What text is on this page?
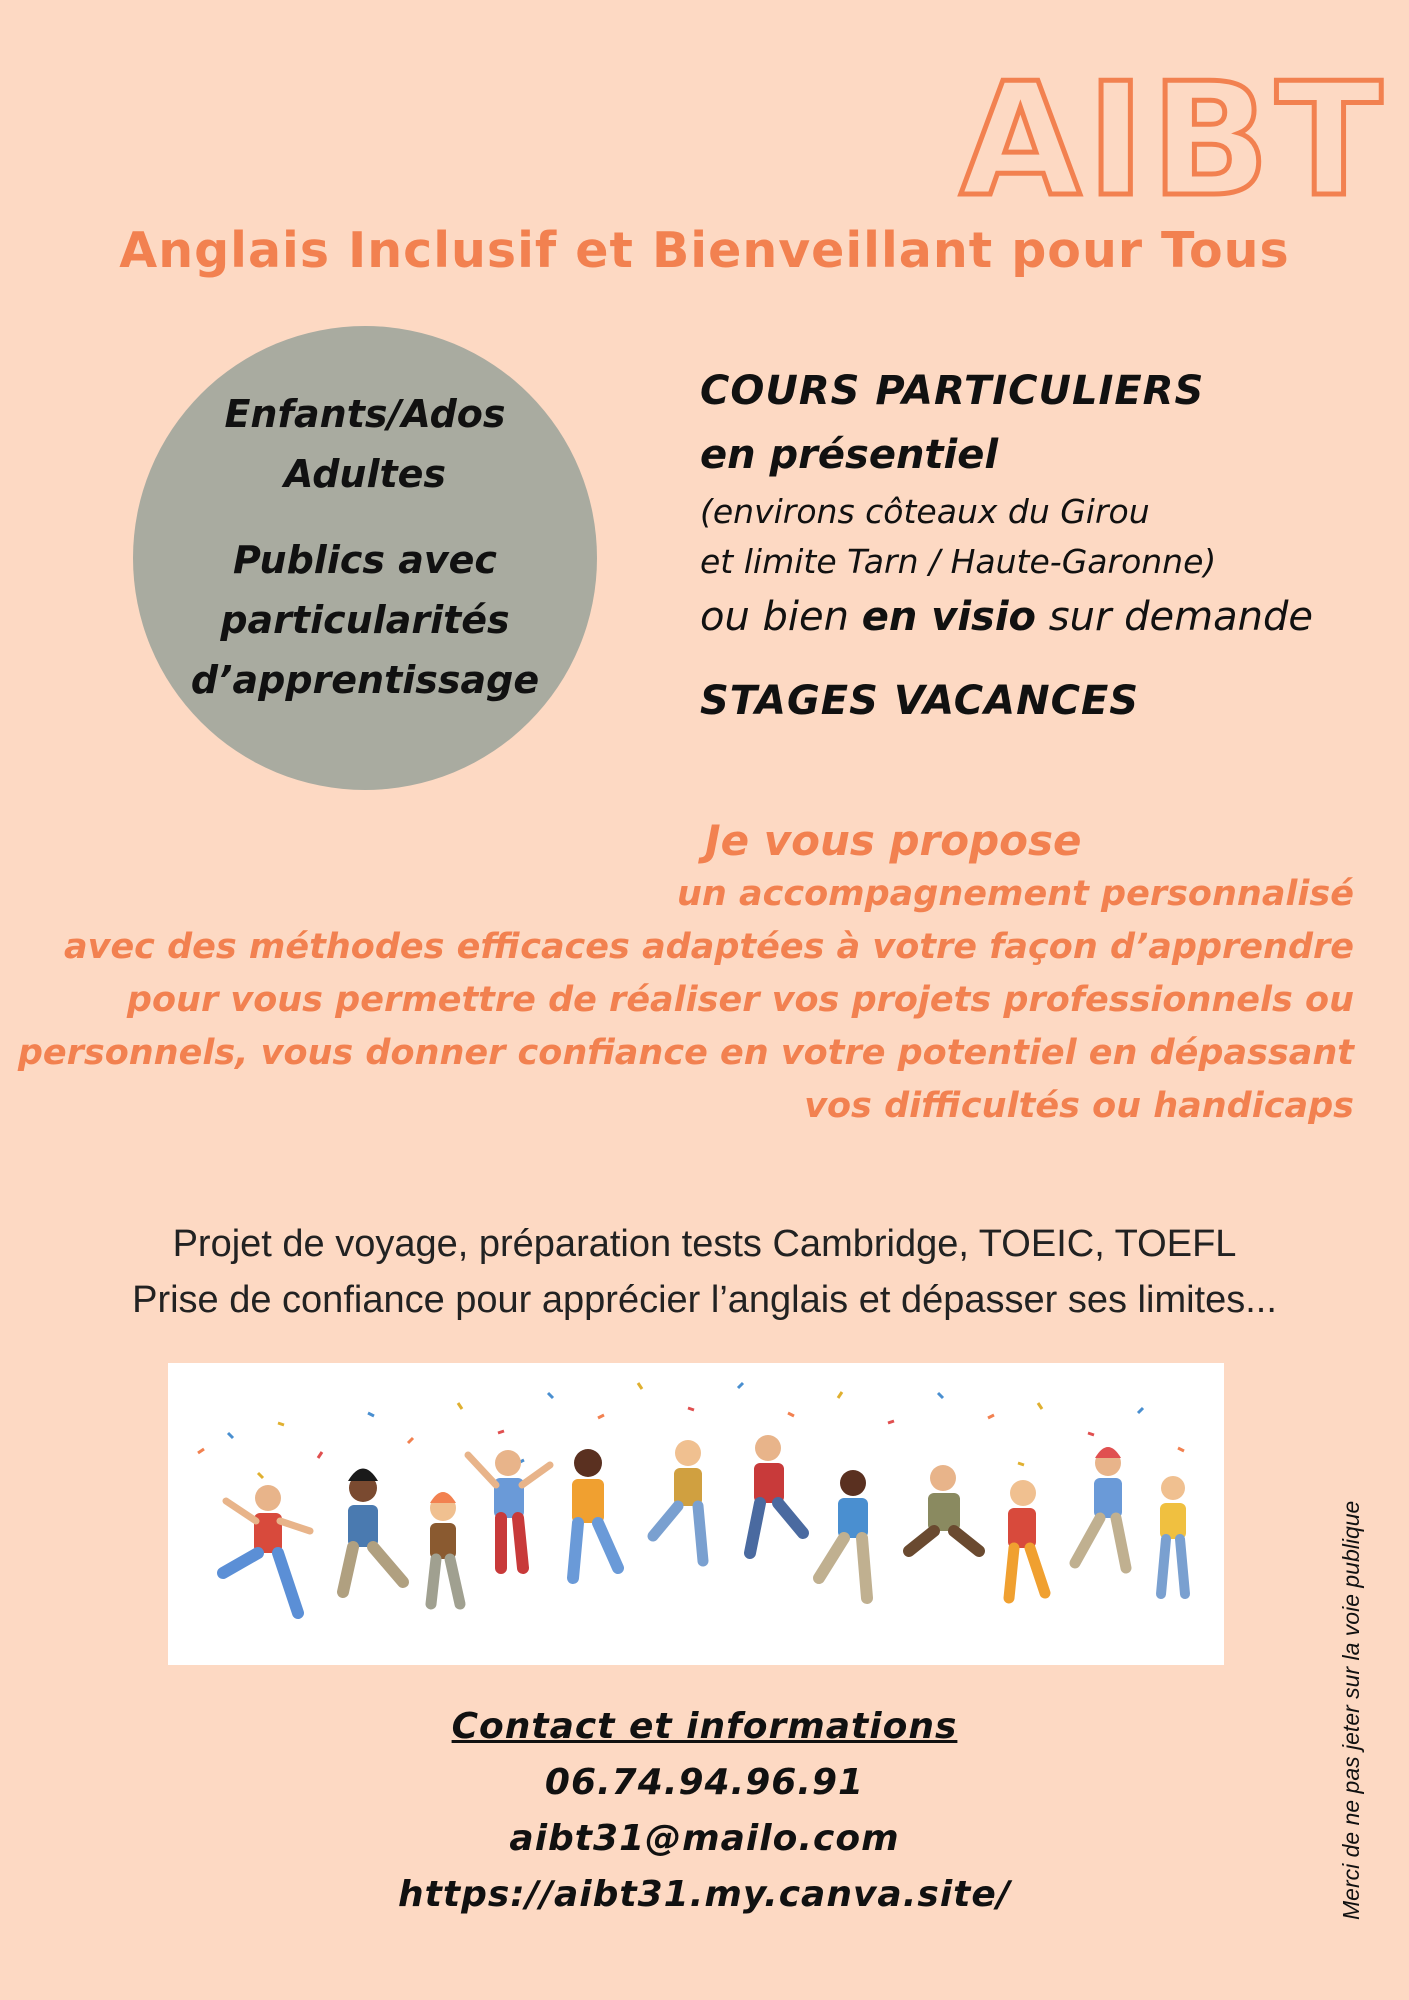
AIBT
Anglais Inclusif et Bienveillant pour Tous
Enfants/Ados
Adultes
Publics avec
particularités
d’apprentissage
COURS PARTICULIERS
en présentiel
(environs côteaux du Girou
et limite Tarn / Haute-Garonne)
ou bien en visio sur demande
STAGES VACANCES
Je vous propose
un accompagnement personnalisé
avec des méthodes efficaces adaptées à votre façon d’apprendre
pour vous permettre de réaliser vos projets professionnels ou
personnels, vous donner confiance en votre potentiel en dépassant
vos difficultés ou handicaps
Projet de voyage, préparation tests Cambridge, TOEIC, TOEFL
Prise de confiance pour apprécier l’anglais et dépasser ses limites...
Contact et informations
06.74.94.96.91
aibt31@mailo.com
https://aibt31.my.canva.site/	Merci de ne pas jeter sur la voie publique
